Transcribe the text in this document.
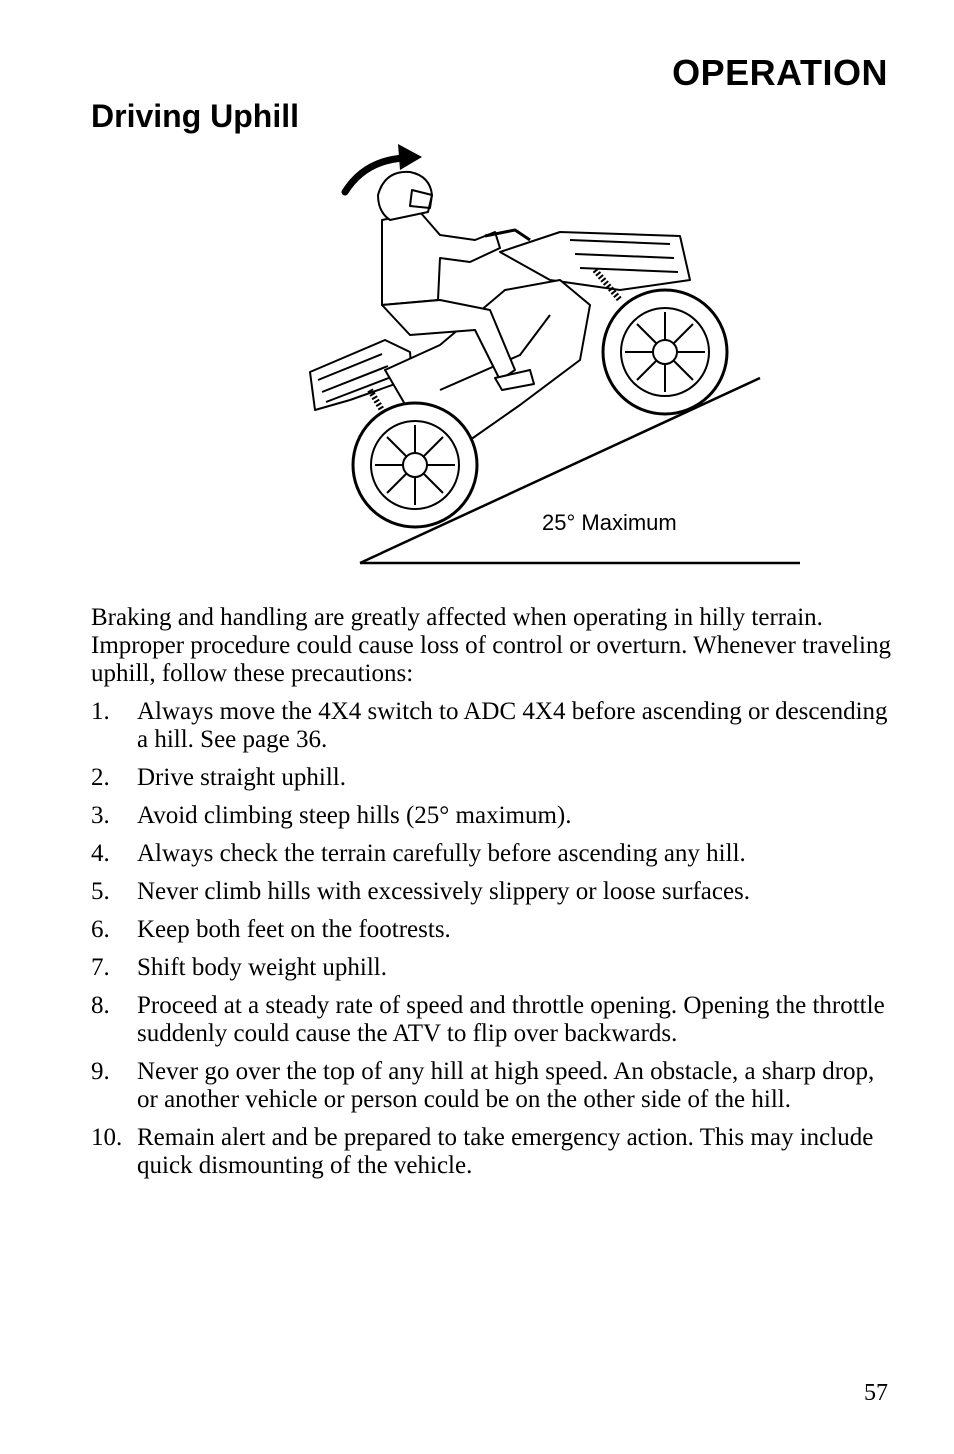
OPERATION
Driving Uphill
25° Maximum

Braking and handling are greatly affected when operating in hilly terrain. Improper procedure could cause loss of control or overturn. Whenever traveling uphill, follow these precautions:

1. Always move the 4X4 switch to ADC 4X4 before ascending or descending a hill. See page 36.
2. Drive straight uphill.
3. Avoid climbing steep hills (25° maximum).
4. Always check the terrain carefully before ascending any hill.
5. Never climb hills with excessively slippery or loose surfaces.
6. Keep both feet on the footrests.
7. Shift body weight uphill.
8. Proceed at a steady rate of speed and throttle opening. Opening the throttle suddenly could cause the ATV to flip over backwards.
9. Never go over the top of any hill at high speed. An obstacle, a sharp drop, or another vehicle or person could be on the other side of the hill.
10. Remain alert and be prepared to take emergency action. This may include quick dismounting of the vehicle.
57
